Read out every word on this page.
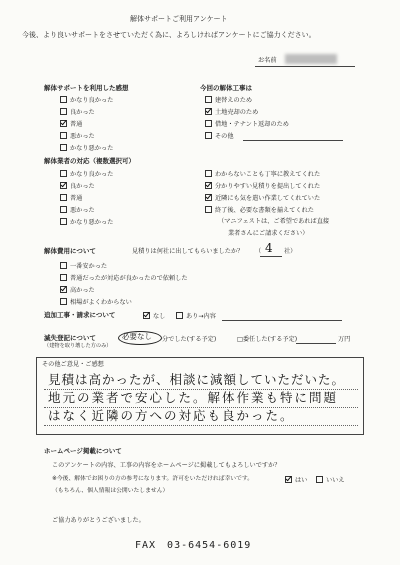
解体サポートご利用アンケート
今後、より良いサポートをさせていただく為に、よろしければアンケートにご協力ください。
お名前
解体サポートを利用した感想
かなり良かった
良かった
普通
悪かった
かなり悪かった
今回の解体工事は
建替えのため
土地売却のため
借地・テナント返却のため
その他
解体業者の対応（複数選択可）
かなり良かった
良かった
普通
悪かった
かなり悪かった
わからないことも丁寧に教えてくれた
分かりやすい見積りを提出してくれた
近隣にも気を遣い作業してくれていた
終了後、必要な書類を揃えてくれた
（マニフェストは、ご希望であれば直接
業者さんにご請求ください）
解体費用について	見積りは何社に出してもらいましたか？ （ 4 社）
一番安かった
普通だったが対応が良かったので依頼した
高かった
相場がよくわからない
追加工事・請求について	なし	あり→内容
滅失登記について
（建物を取り壊した方のみ）
必要なし 分でした(する予定)	□委任した(する予定)	万円
その他ご意見・ご感想
見積は高かったが、相談に減額していただいた。
地元の業者で安心した。解体作業も特に問題
はなく近隣の方への対応も良かった。
ホームページ掲載について
このアンケートの内容、工事の内容をホームページに掲載してもよろしいですか？
※今後、解体でお困りの方の参考になります。許可をいただければ幸いです。
（もちろん、個人情報は公開いたしません）
はい	いいえ
ご協力ありがとうございました。
FAX　03-6454-6019
